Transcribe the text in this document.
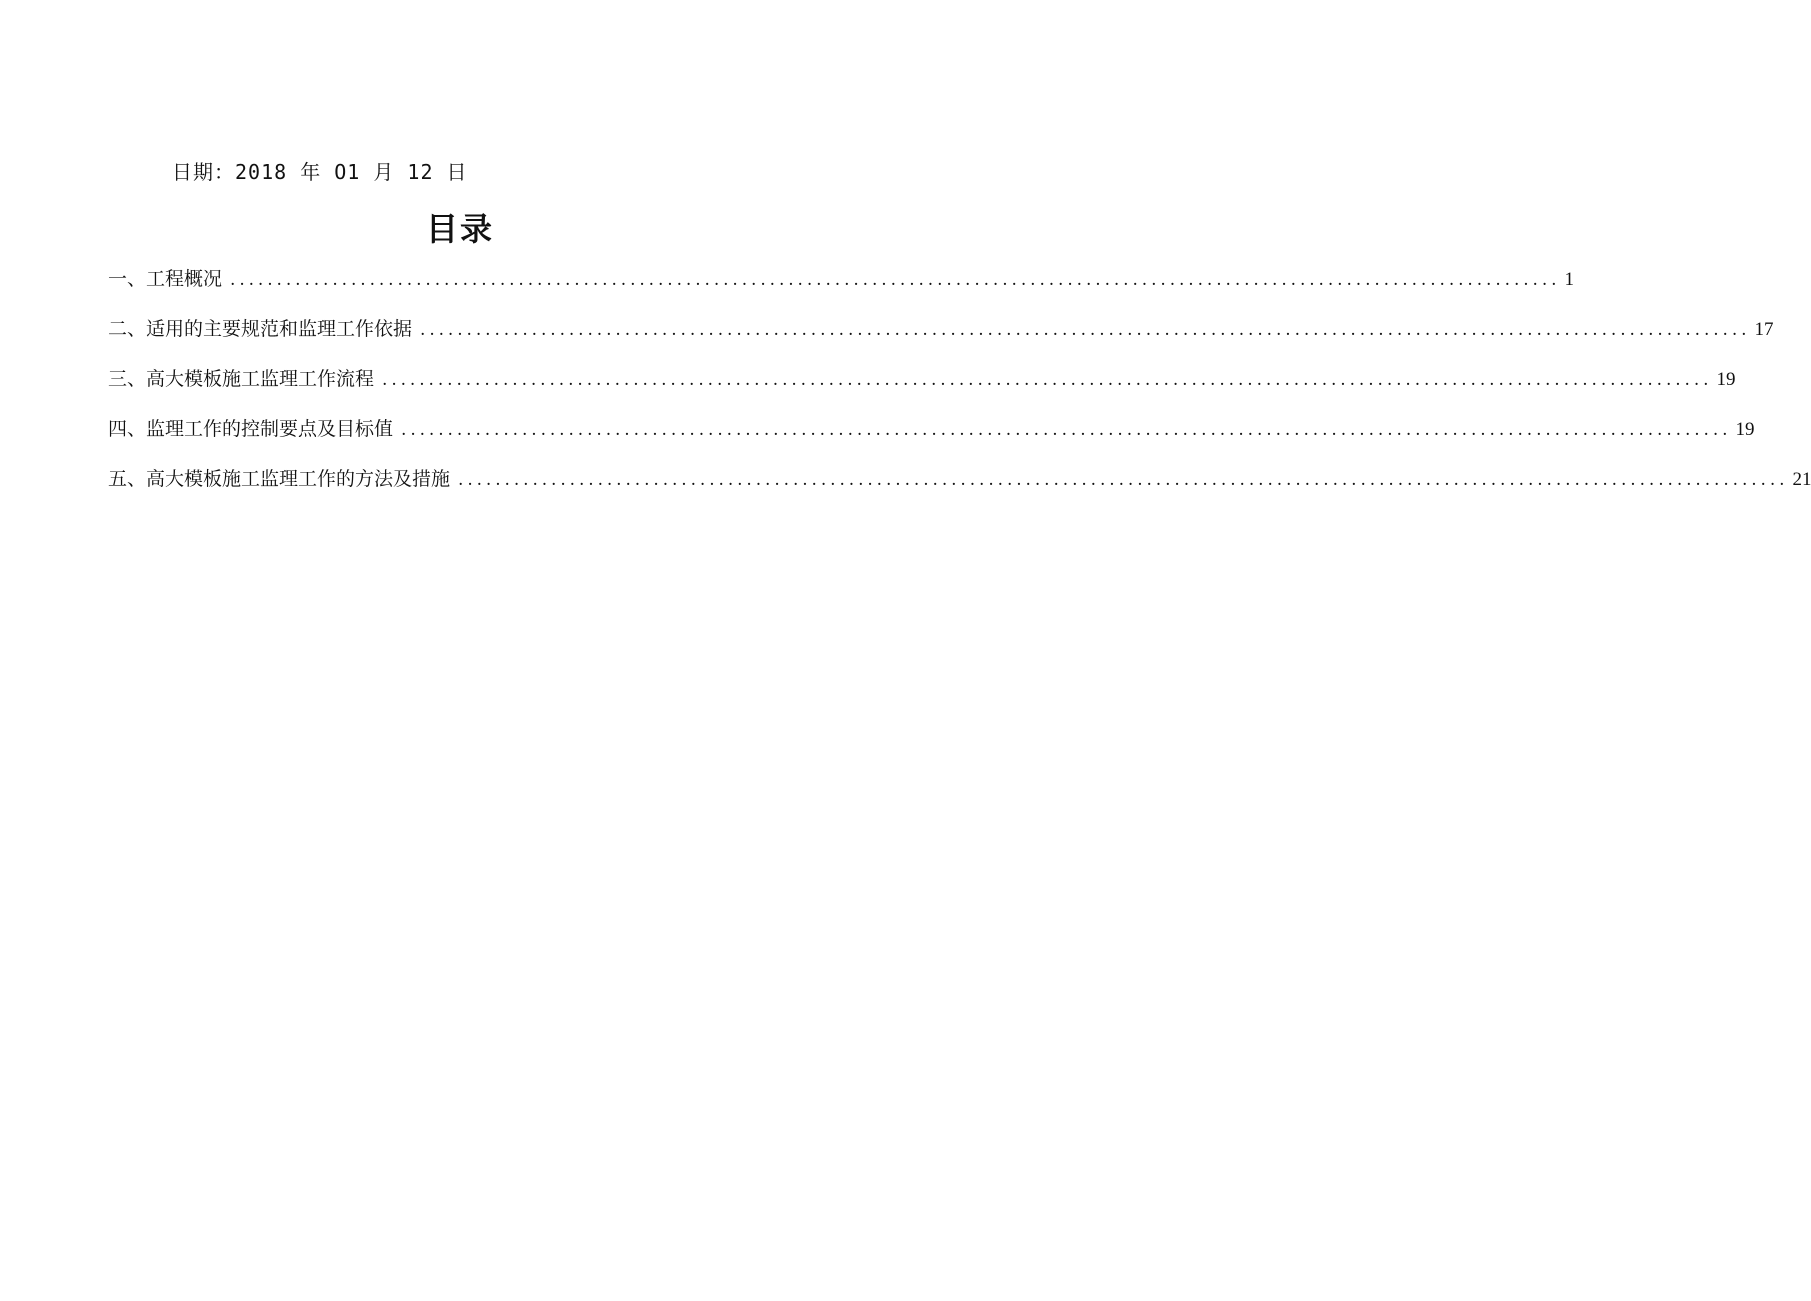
日期：2018 年 O1 月 12 日
目录
一、工程概况 ............................................................................................................................................... 1
二、适用的主要规范和监理工作依据 ............................................................................................................................................... 17
三、高大模板施工监理工作流程 ............................................................................................................................................... 19
四、监理工作的控制要点及目标值 ............................................................................................................................................... 19
五、高大模板施工监理工作的方法及措施 ............................................................................................................................................... 21
